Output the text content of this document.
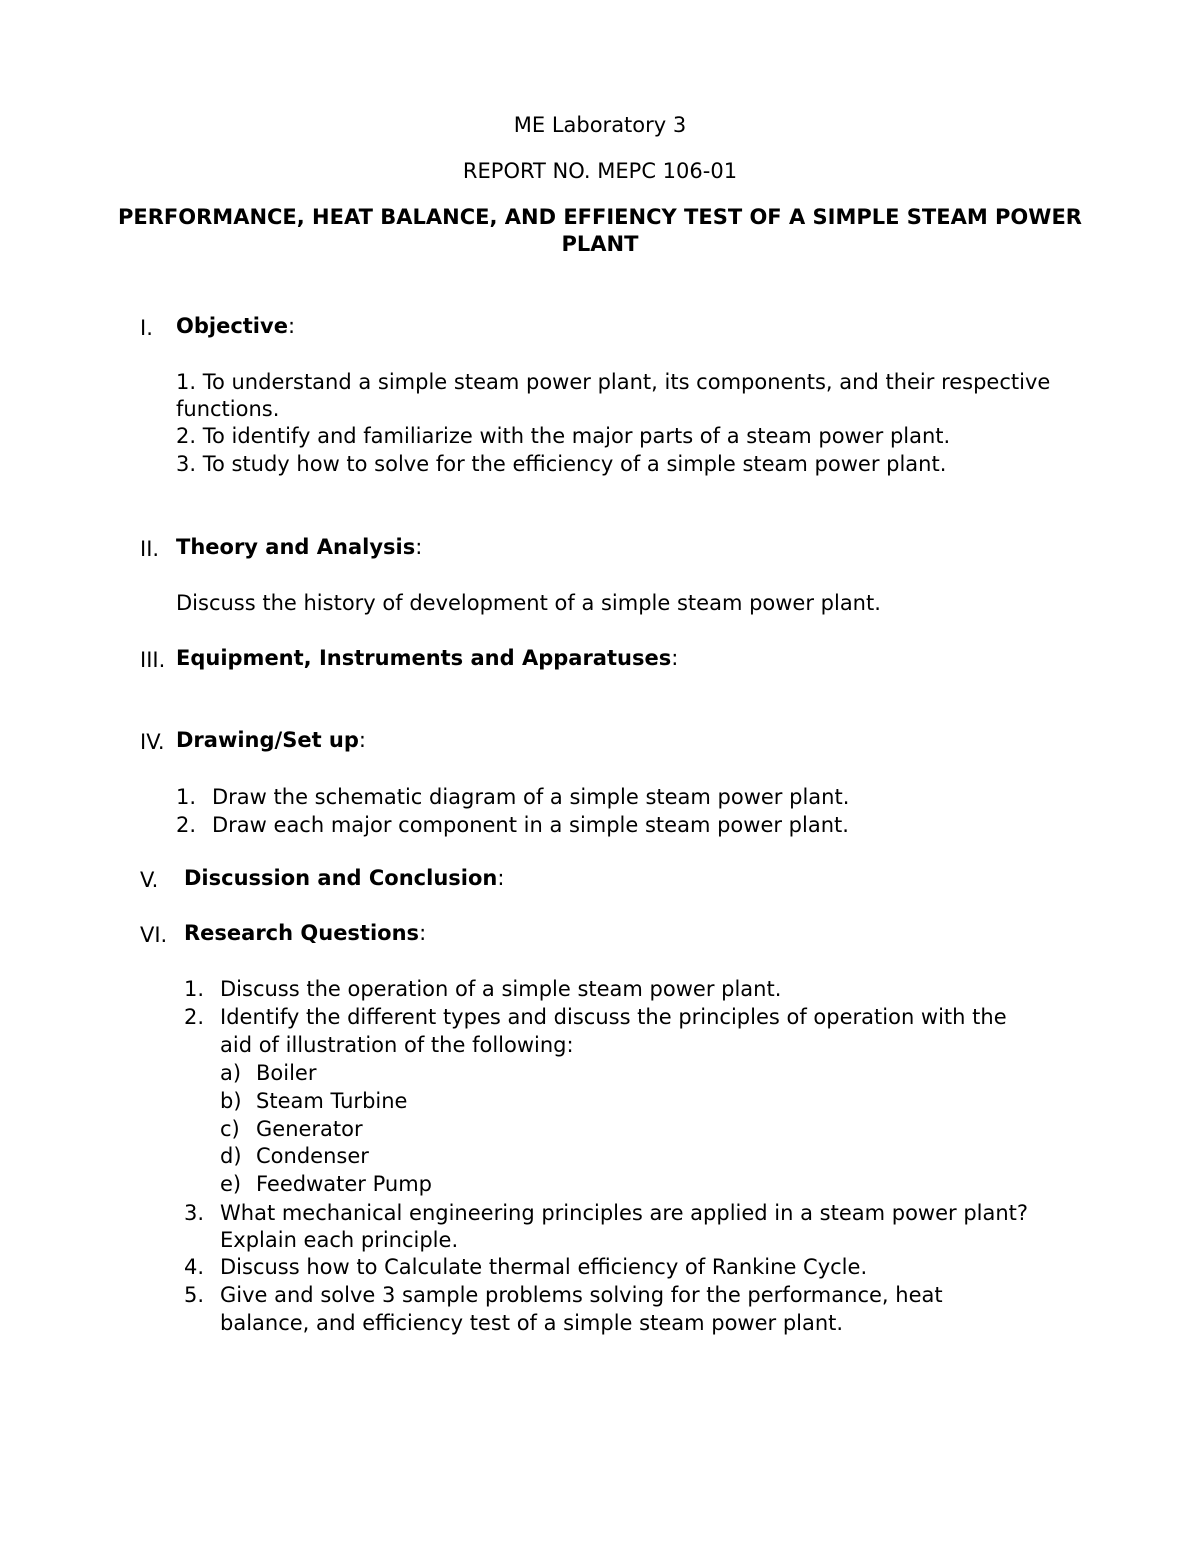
ME Laboratory 3
REPORT NO. MEPC 106-01
PERFORMANCE, HEAT BALANCE, AND EFFIENCY TEST OF A SIMPLE STEAM POWER
PLANT
I. Objective:
1. To understand a simple steam power plant, its components, and their respective
functions.
2. To identify and familiarize with the major parts of a steam power plant.
3. To study how to solve for the efficiency of a simple steam power plant.
II. Theory and Analysis:
Discuss the history of development of a simple steam power plant.
III. Equipment, Instruments and Apparatuses:
IV. Drawing/Set up:
1. Draw the schematic diagram of a simple steam power plant.
2. Draw each major component in a simple steam power plant.
V. Discussion and Conclusion:
VI. Research Questions:
1. Discuss the operation of a simple steam power plant.
2. Identify the different types and discuss the principles of operation with the
aid of illustration of the following:
a) Boiler
b) Steam Turbine
c) Generator
d) Condenser
e) Feedwater Pump
3. What mechanical engineering principles are applied in a steam power plant?
Explain each principle.
4. Discuss how to Calculate thermal efficiency of Rankine Cycle.
5. Give and solve 3 sample problems solving for the performance, heat
balance, and efficiency test of a simple steam power plant.
